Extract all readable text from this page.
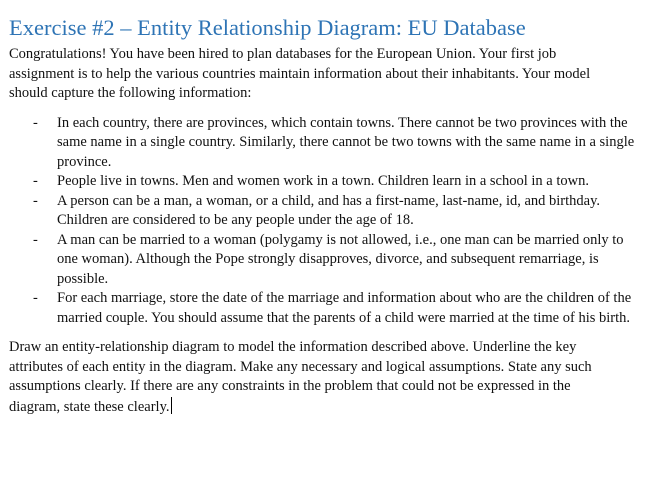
Exercise #2 – Entity Relationship Diagram: EU Database

Congratulations! You have been hired to plan databases for the European Union. Your first job assignment is to help the various countries maintain information about their inhabitants. Your model should capture the following information:

- In each country, there are provinces, which contain towns. There cannot be two provinces with the same name in a single country. Similarly, there cannot be two towns with the same name in a single province.
- People live in towns. Men and women work in a town. Children learn in a school in a town.
- A person can be a man, a woman, or a child, and has a first-name, last-name, id, and birthday. Children are considered to be any people under the age of 18.
- A man can be married to a woman (polygamy is not allowed, i.e., one man can be married only to one woman). Although the Pope strongly disapproves, divorce, and subsequent remarriage, is possible.
- For each marriage, store the date of the marriage and information about who are the children of the married couple. You should assume that the parents of a child were married at the time of his birth.

Draw an entity-relationship diagram to model the information described above. Underline the key attributes of each entity in the diagram. Make any necessary and logical assumptions. State any such assumptions clearly. If there are any constraints in the problem that could not be expressed in the diagram, state these clearly.
